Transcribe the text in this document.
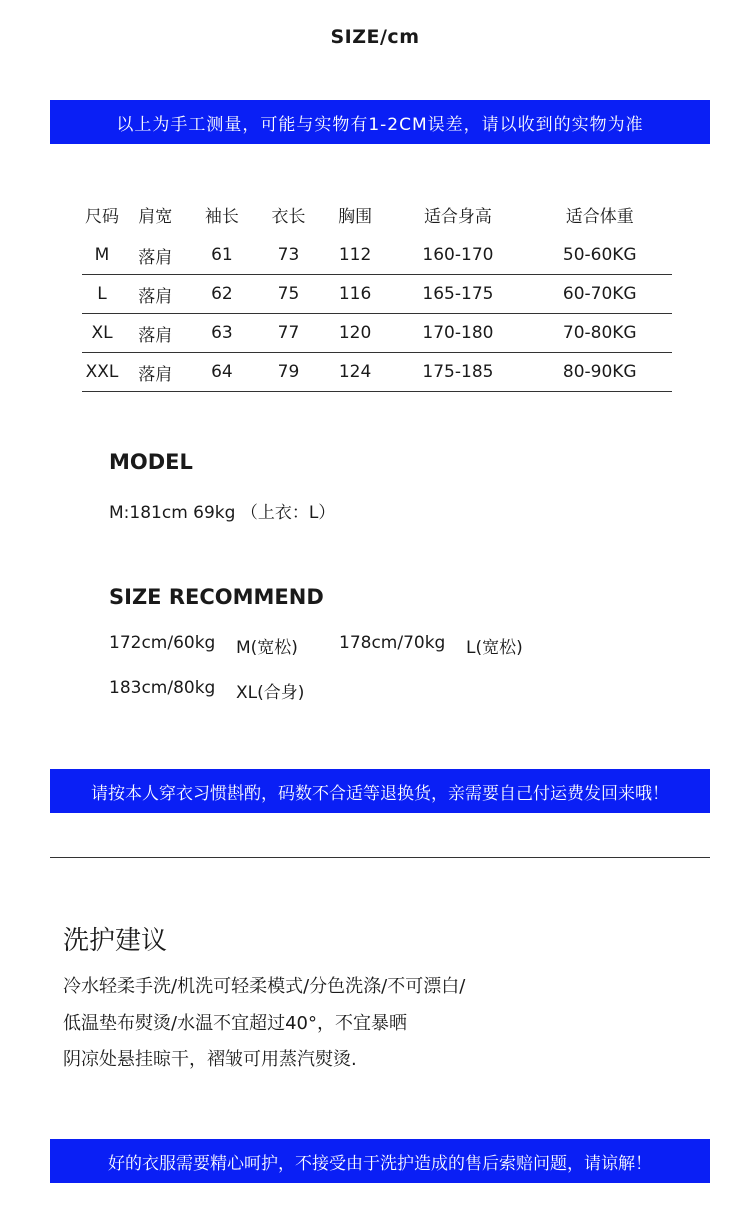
SIZE/cm
以上为手工测量，可能与实物有1-2CM误差，请以收到的实物为准
尺码	肩宽	袖长	衣长	胸围	适合身高	适合体重
M	落肩	61	73	112	160-170	50-60KG
L	落肩	62	75	116	165-175	60-70KG
XL	落肩	63	77	120	170-180	70-80KG
XXL	落肩	64	79	124	175-185	80-90KG
MODEL
M:181cm 69kg （上衣：L）
SIZE RECOMMEND
172cm/60kg M(宽松) 178cm/70kg L(宽松)
183cm/80kg XL(合身)
请按本人穿衣习惯斟酌，码数不合适等退换货，亲需要自己付运费发回来哦！
洗护建议
冷水轻柔手洗/机洗可轻柔模式/分色洗涤/不可漂白/
低温垫布熨烫/水温不宜超过40°，不宜暴晒
阴凉处悬挂晾干，褶皱可用蒸汽熨烫.
好的衣服需要精心呵护，不接受由于洗护造成的售后索赔问题，请谅解！
